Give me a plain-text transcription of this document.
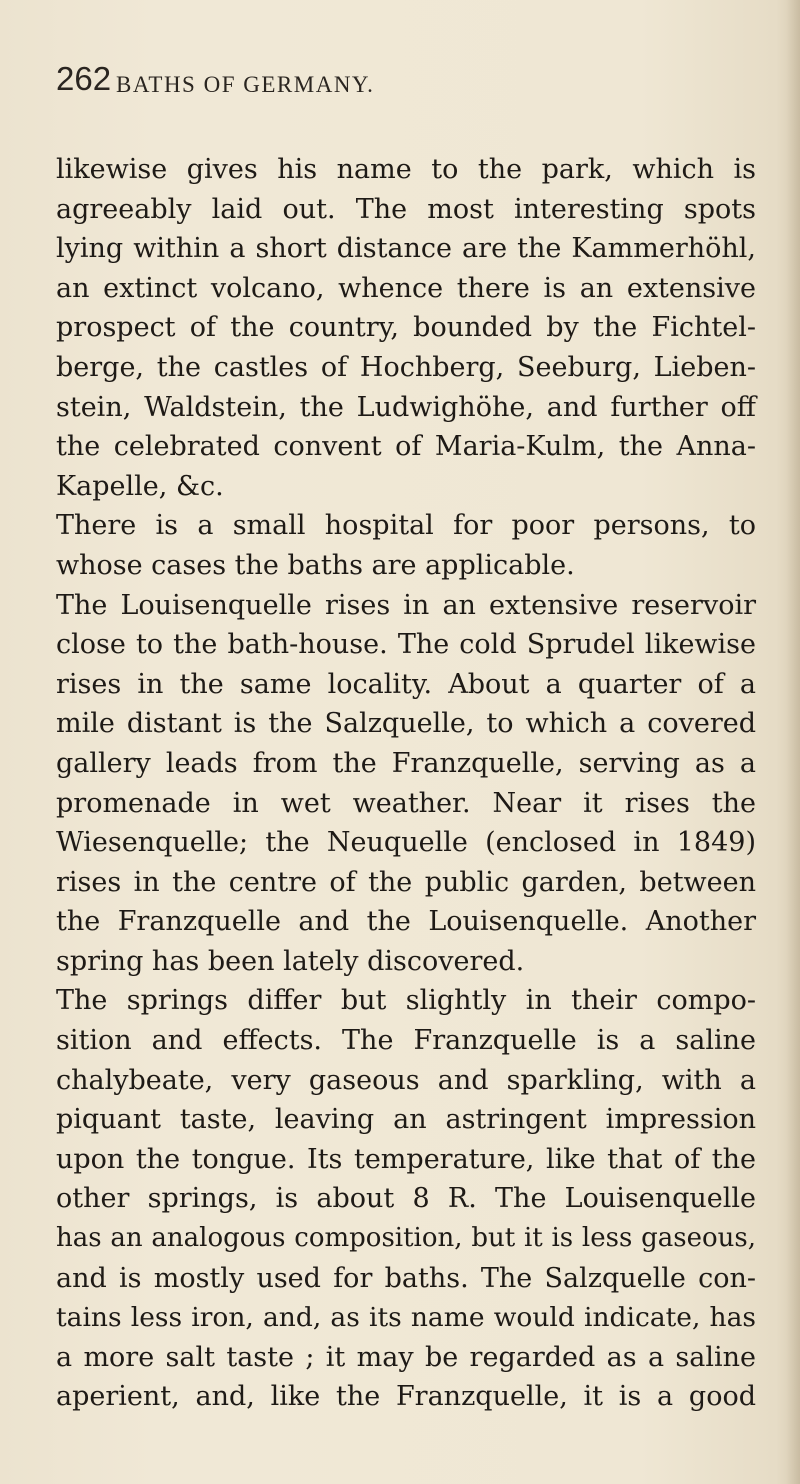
262 BATHS OF GERMANY.
likewise gives his name to the park, which is
agreeably laid out. The most interesting spots
lying within a short distance are the Kammerhöhl,
an extinct volcano, whence there is an extensive
prospect of the country, bounded by the Fichtel-
berge, the castles of Hochberg, Seeburg, Lieben-
stein, Waldstein, the Ludwighöhe, and further off
the celebrated convent of Maria-Kulm, the Anna-
Kapelle, &c.
There is a small hospital for poor persons, to
whose cases the baths are applicable.
The Louisenquelle rises in an extensive reservoir
close to the bath-house. The cold Sprudel likewise
rises in the same locality. About a quarter of a
mile distant is the Salzquelle, to which a covered
gallery leads from the Franzquelle, serving as a
promenade in wet weather. Near it rises the
Wiesenquelle; the Neuquelle (enclosed in 1849)
rises in the centre of the public garden, between
the Franzquelle and the Louisenquelle. Another
spring has been lately discovered.
The springs differ but slightly in their compo-
sition and effects. The Franzquelle is a saline
chalybeate, very gaseous and sparkling, with a
piquant taste, leaving an astringent impression
upon the tongue. Its temperature, like that of the
other springs, is about 8 R. The Louisenquelle
has an analogous composition, but it is less gaseous,
and is mostly used for baths. The Salzquelle con-
tains less iron, and, as its name would indicate, has
a more salt taste ; it may be regarded as a saline
aperient, and, like the Franzquelle, it is a good
